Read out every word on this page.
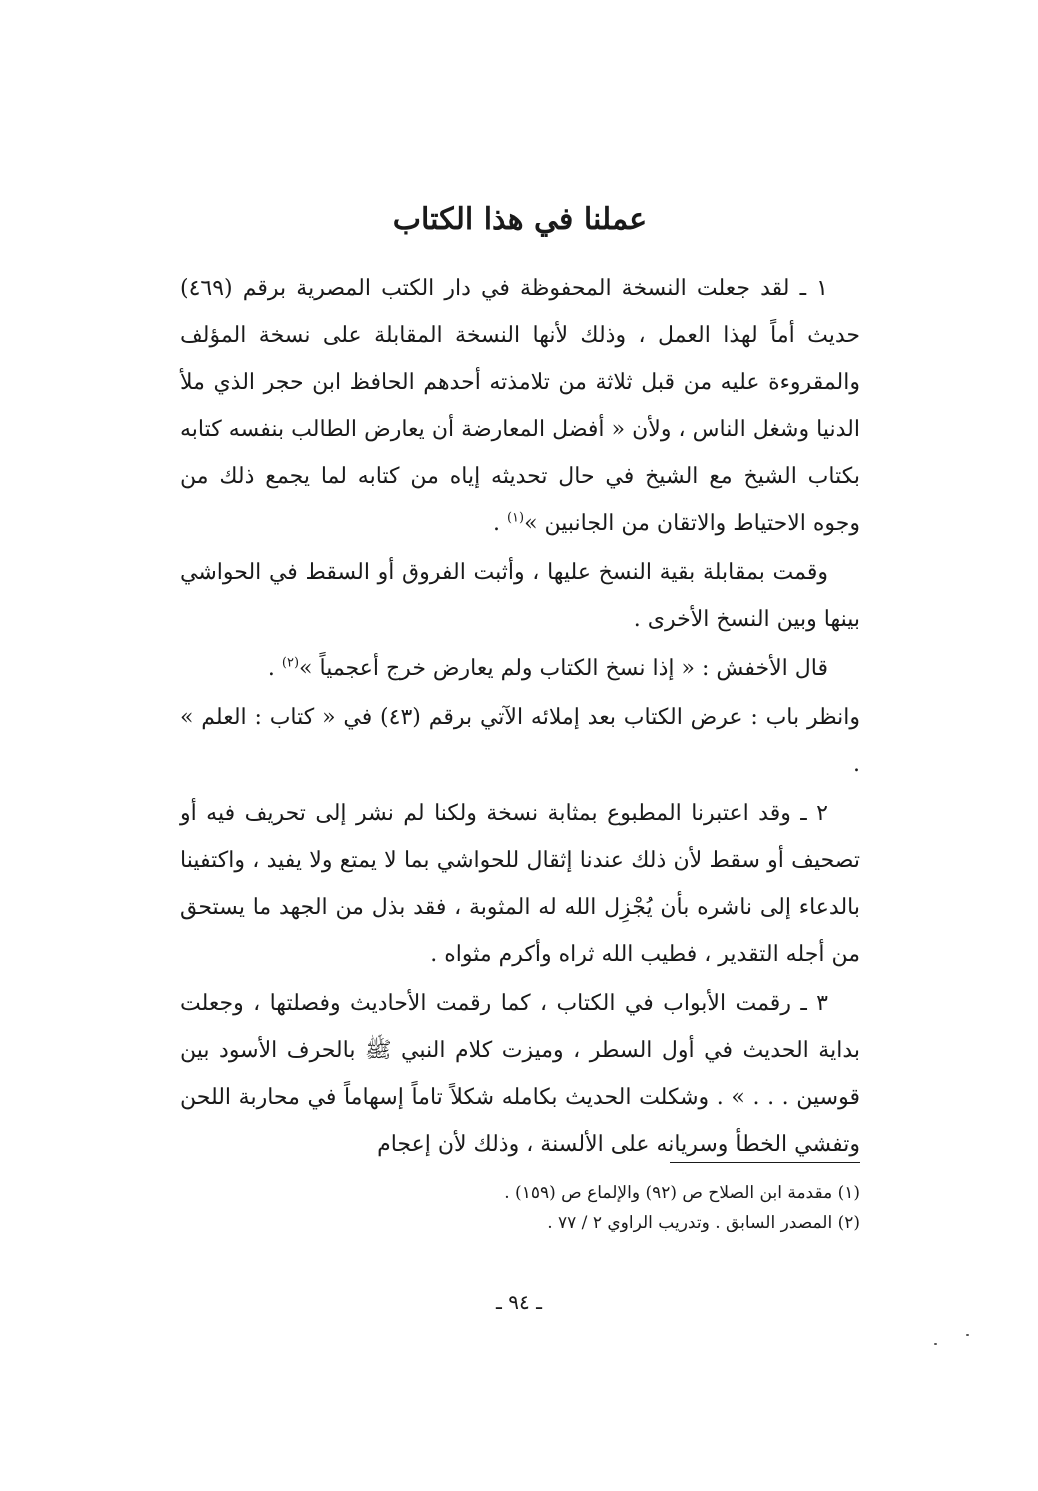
عملنا في هذا الكتاب

١ ـ لقد جعلت النسخة المحفوظة في دار الكتب المصرية برقم (٤٦٩) حديث أماً لهذا العمل ، وذلك لأنها النسخة المقابلة على نسخة المؤلف والمقروءة عليه من قبل ثلاثة من تلامذته أحدهم الحافظ ابن حجر الذي ملأ الدنيا وشغل الناس ، ولأن « أفضل المعارضة أن يعارض الطالب بنفسه كتابه بكتاب الشيخ مع الشيخ في حال تحديثه إياه من كتابه لما يجمع ذلك من وجوه الاحتياط والاتقان من الجانبين »$^{(١)}$ .

وقمت بمقابلة بقية النسخ عليها ، وأثبت الفروق أو السقط في الحواشي بينها وبين النسخ الأخرى .

قال الأخفش : « إذا نسخ الكتاب ولم يعارض خرج أعجمياً »$^{(٢)}$ .

وانظر باب : عرض الكتاب بعد إملائه الآتي برقم (٤٣) في « كتاب : العلم » .

٢ ـ وقد اعتبرنا المطبوع بمثابة نسخة ولكنا لم نشر إلى تحريف فيه أو تصحيف أو سقط لأن ذلك عندنا إثقال للحواشي بما لا يمتع ولا يفيد ، واكتفينا بالدعاء إلى ناشره بأن يُجْزِل الله له المثوبة ، فقد بذل من الجهد ما يستحق من أجله التقدير ، فطيب الله ثراه وأكرم مثواه .

٣ ـ رقمت الأبواب في الكتاب ، كما رقمت الأحاديث وفصلتها ، وجعلت بداية الحديث في أول السطر ، وميزت كلام النبي ﷺ بالحرف الأسود بين قوسين . . . » . وشكلت الحديث بكامله شكلاً تاماً إسهاماً في محاربة اللحن وتفشي الخطأ وسريانه على الألسنة ، وذلك لأن إعجام

(١) مقدمة ابن الصلاح ص (٩٢) والإلماع ص (١٥٩) .

(٢) المصدر السابق . وتدريب الراوي ٢ / ٧٧ .

ـ ٩٤ ـ
